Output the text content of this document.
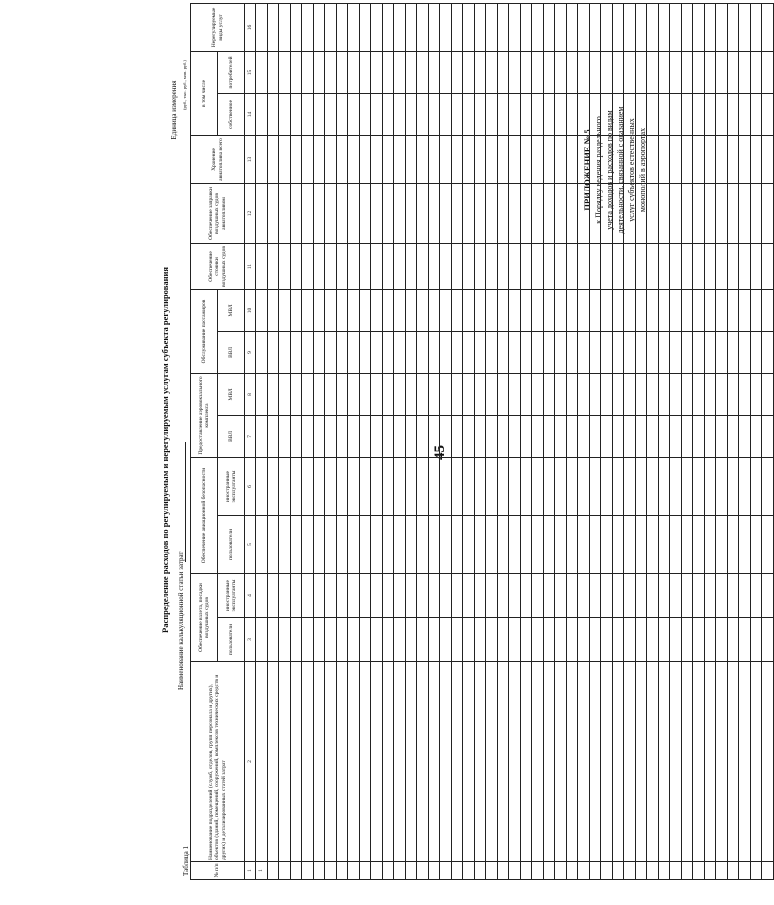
45
ПРИЛОЖЕНИЕ № 5 к Порядку ведения раздельного учета доходов и расходов по видам деятельности, связанной с оказанием услуг субъектов естественных монополий в аэропортах
Распределение расходов по регулируемым и нерегулируемым услугам субъекта регулирования Наименование калькуляционной статьи затрат
Единица измерения (руб., тыс. руб., млн. руб.)
Таблица 1	№ п/п	Наименование подразделений (служб, отделов, групп персонала и других), объектов (зданий, помещений, сооружений, комплексов технических средств и других) и детализированных статей затрат	Обеспечение взлета, посадки воздушных судов		Обеспечение авиационной безопасности		Предоставление аэровокзального комплекса		Обслуживание пассажиров		Обеспечение стоянки воздушных судов	Обеспечение заправки воздушных судов авиатопливом	Хранение авиатоплива всего	в том числе		Нерегулируемые виды услуг
		пользователи	иностранные эксплуатанты	пользователи	иностранные эксплуатанты	ВВЛ	МВЛ	ВВЛ	МВЛ				собственное	потребителей	
1	2	3	4	5	6	7	8	9	10	11	12	13	14	15	16
1															
